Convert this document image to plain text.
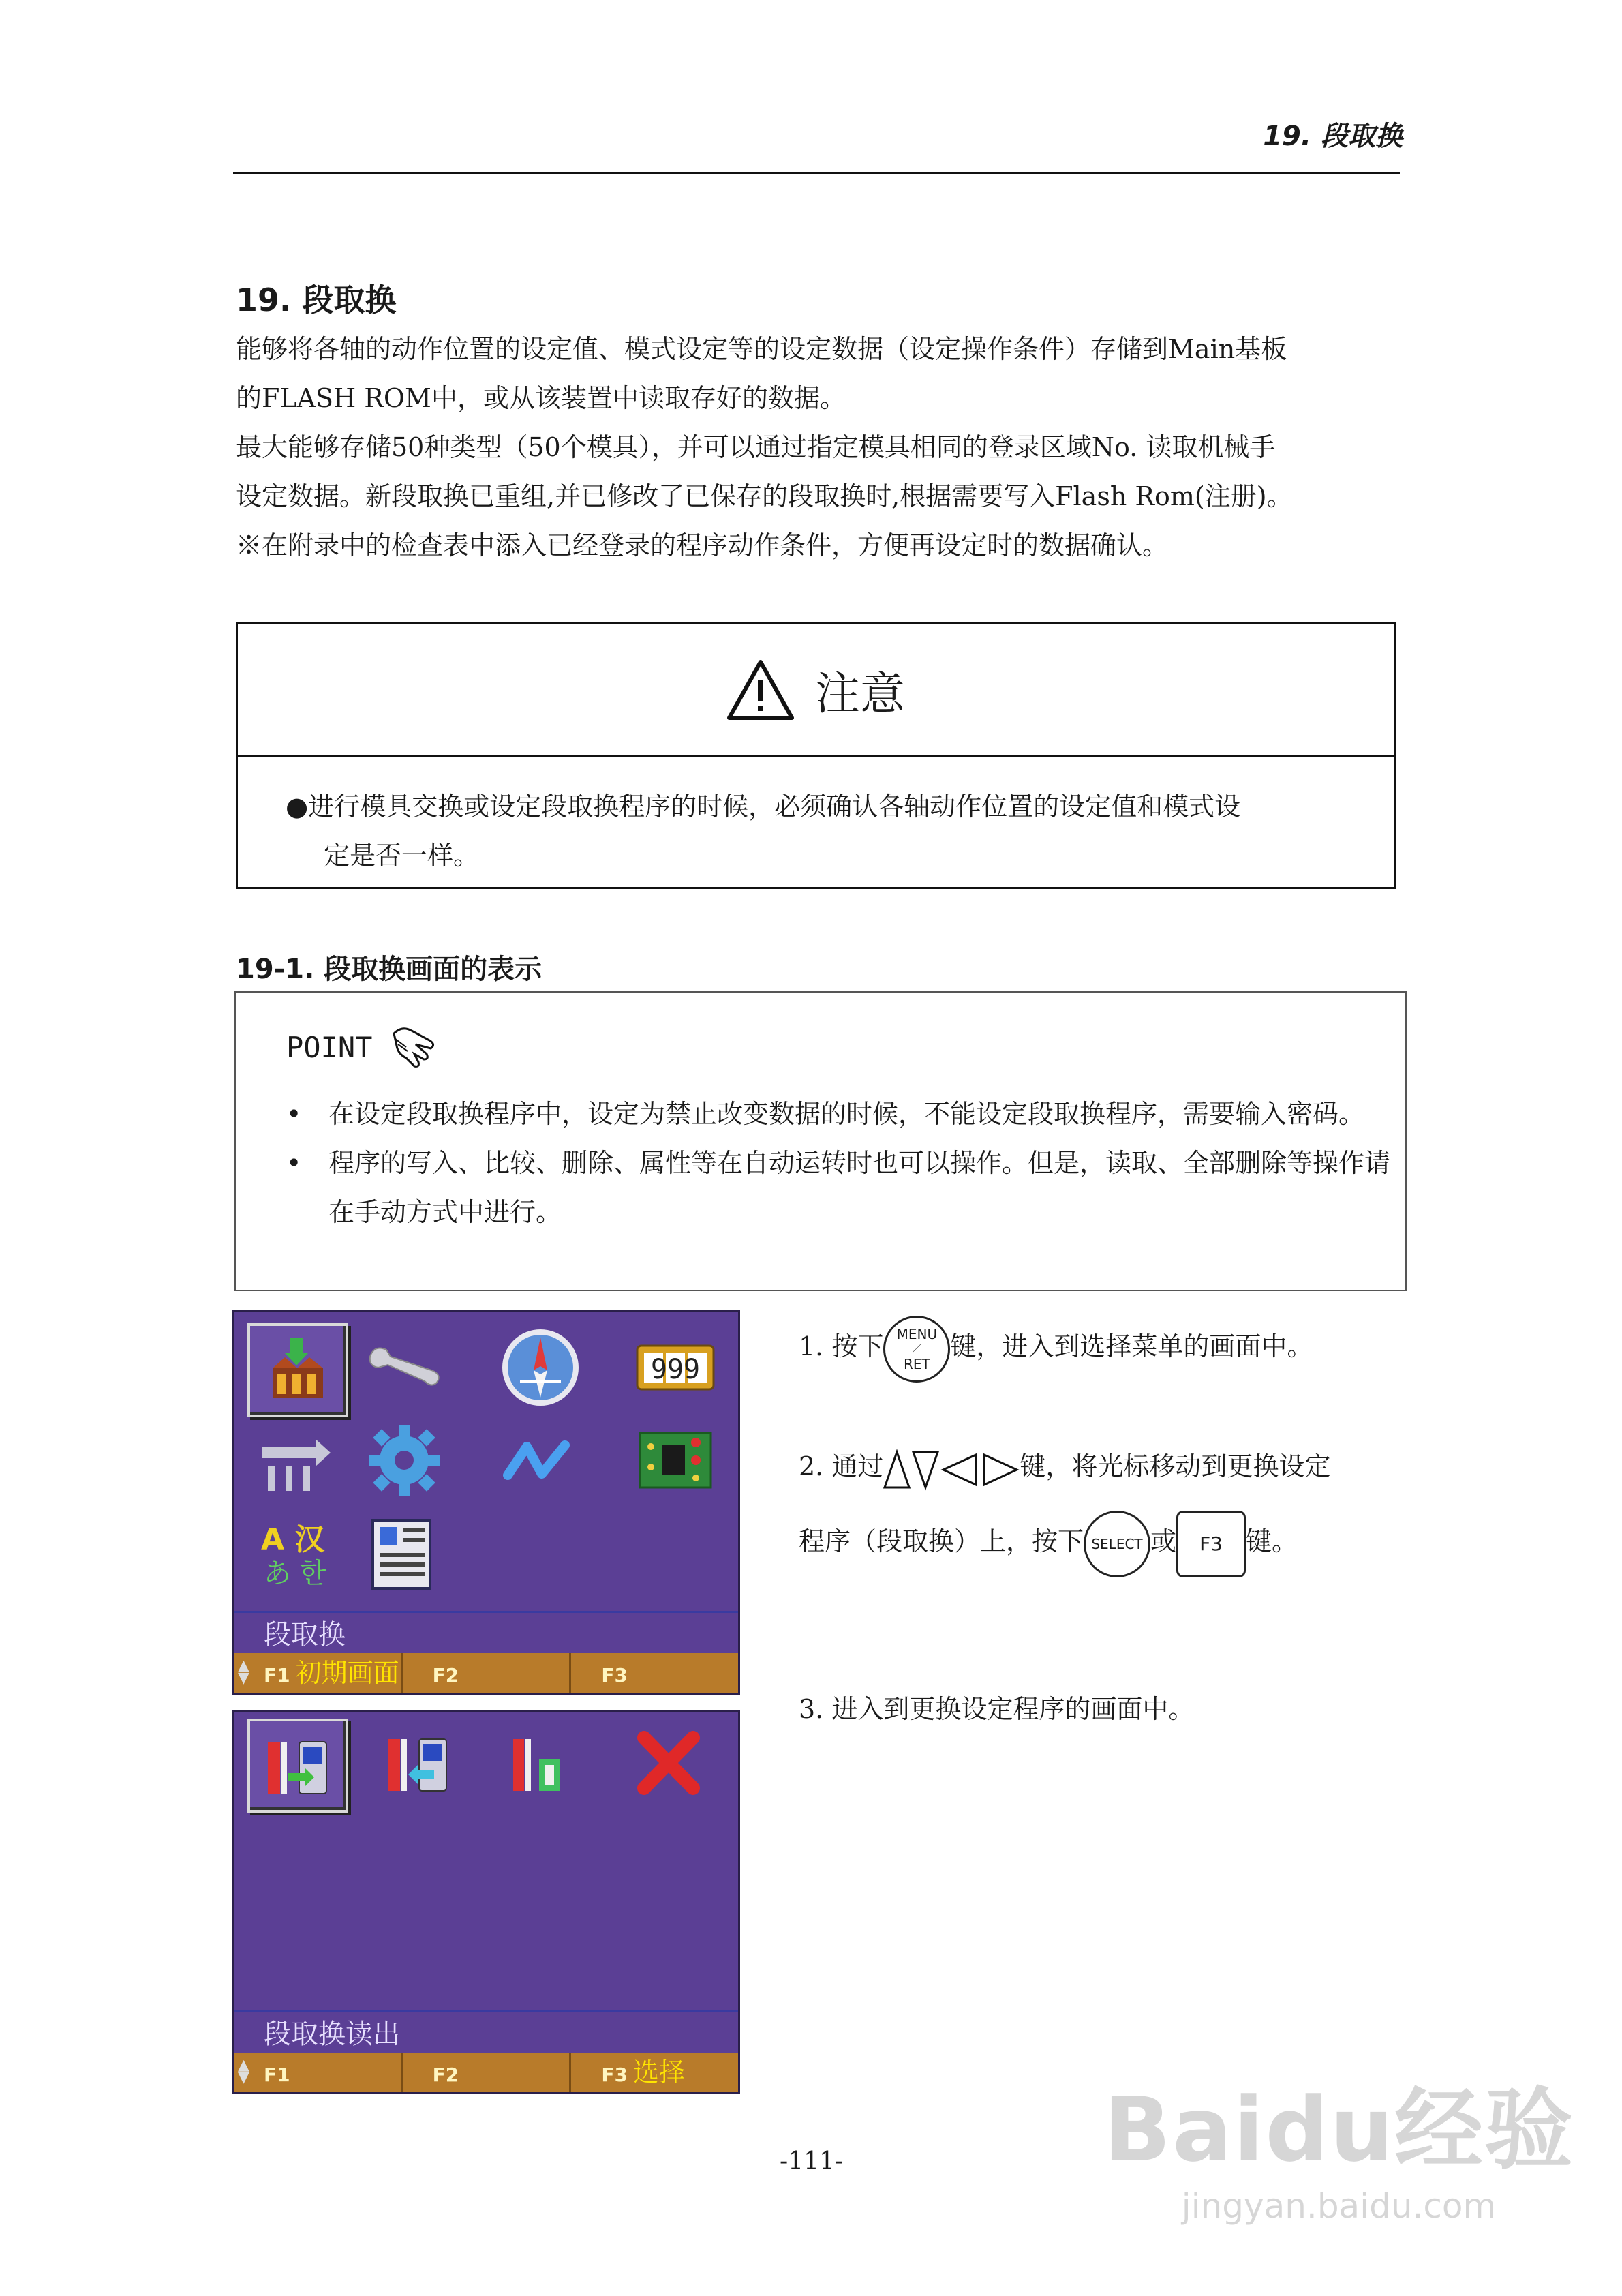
19. 段取换
19. 段取换

能够将各轴的动作位置的设定值、模式设定等的设定数据（设定操作条件）存储到Main基板

的FLASH ROM中，或从该装置中读取存好的数据。

最大能够存储50种类型（50个模具），并可以通过指定模具相同的登录区域No. 读取机械手

设定数据。新段取换已重组,并已修改了已保存的段取换时,根据需要写入Flash Rom(注册)。

※在附录中的检查表中添入已经登录的程序动作条件，方便再设定时的数据确认。

注意
●进行模具交换或设定段取换程序的时候，必须确认各轴动作位置的设定值和模式设
定是否一样。
19-1. 段取换画面的表示
POINT
• 在设定段取换程序中，设定为禁止改变数据的时候，不能设定段取换程序，需要输入密码。
• 程序的写入、比较、删除、属性等在自动运转时也可以操作。但是，读取、全部删除等操作请在手动方式中进行。
999
A 汉
あ 한
段取换
▲
▼ F1 初期画面	F2	F3
段取换读出
▲
▼ F1	F2	F3 选择
1. 按下 MENU
／
RET
键，进入到选择菜单的画面中。
2. 通过	键，将光标移动到更换设定
程序（段取换）上，按下 SELECT 或 F3 键。
3. 进入到更换设定程序的画面中。
-111-	Baidu经验
jingyan.baidu.com
